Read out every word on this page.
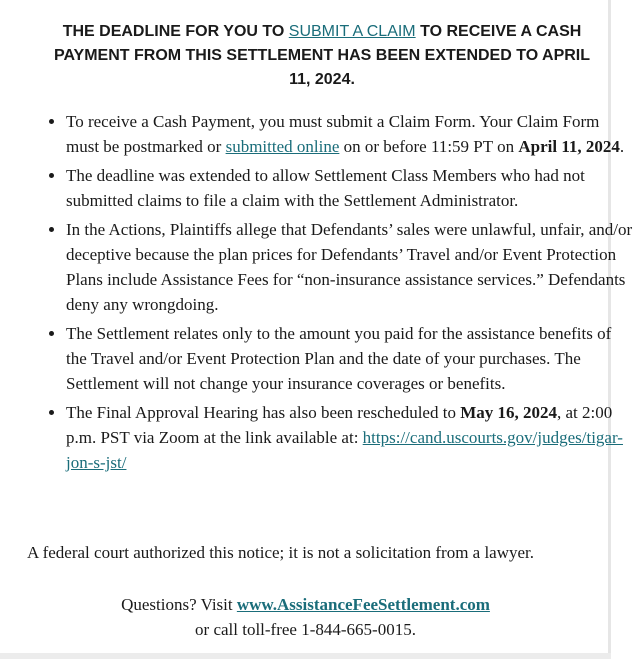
THE DEADLINE FOR YOU TO SUBMIT A CLAIM TO RECEIVE A CASH PAYMENT FROM THIS SETTLEMENT HAS BEEN EXTENDED TO APRIL 11, 2024.

• To receive a Cash Payment, you must submit a Claim Form. Your Claim Form must be postmarked or submitted online on or before 11:59 PT on April 11, 2024.
• The deadline was extended to allow Settlement Class Members who had not submitted claims to file a claim with the Settlement Administrator.
• In the Actions, Plaintiffs allege that Defendants’ sales were unlawful, unfair, and/or deceptive because the plan prices for Defendants’ Travel and/or Event Protection Plans include Assistance Fees for “non-insurance assistance services.” Defendants deny any wrongdoing.
• The Settlement relates only to the amount you paid for the assistance benefits of the Travel and/or Event Protection Plan and the date of your purchases. The Settlement will not change your insurance coverages or benefits.
• The Final Approval Hearing has also been rescheduled to May 16, 2024, at 2:00 p.m. PST via Zoom at the link available at: https://cand.uscourts.gov/judges/tigar-jon-s-jst/

A federal court authorized this notice; it is not a solicitation from a lawyer.

Questions? Visit www.AssistanceFeeSettlement.com
or call toll-free 1-844-665-0015.
